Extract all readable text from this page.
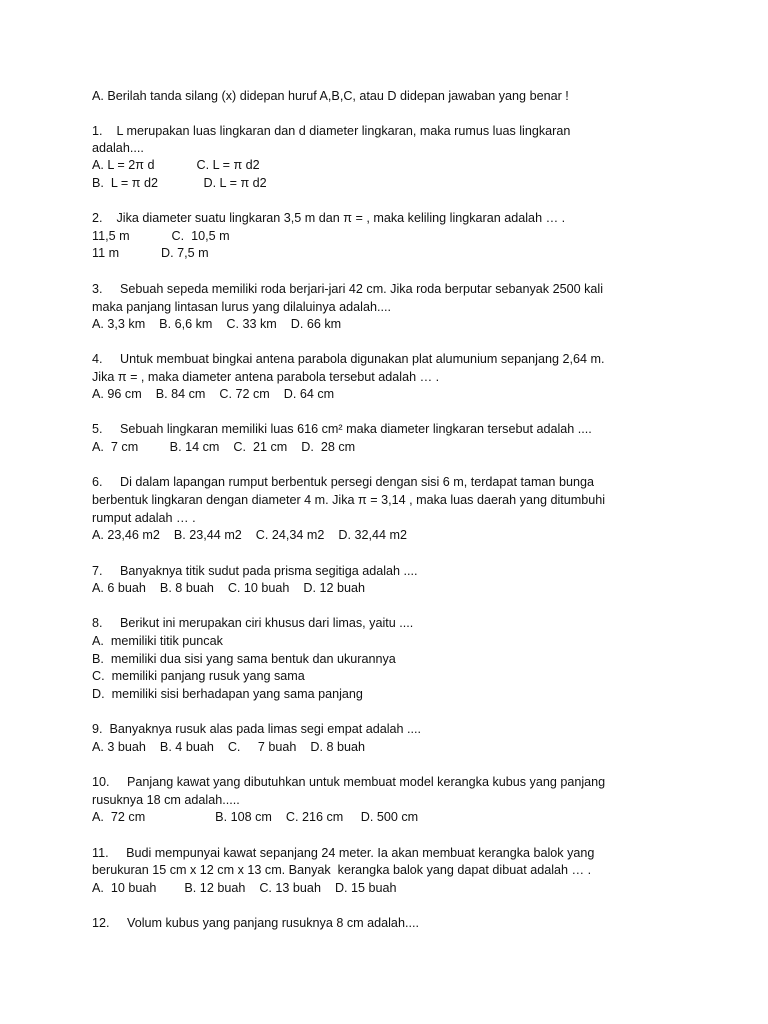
A. Berilah tanda silang (x) didepan huruf A,B,C, atau D didepan jawaban yang benar !

1.    L merupakan luas lingkaran dan d diameter lingkaran, maka rumus luas lingkaran

adalah....

A. L = 2π d            C. L = π d2

B.  L = π d2             D. L = π d2

2.    Jika diameter suatu lingkaran 3,5 m dan π = , maka keliling lingkaran adalah … .

11,5 m            C.  10,5 m

11 m            D. 7,5 m

3.     Sebuah sepeda memiliki roda berjari-jari 42 cm. Jika roda berputar sebanyak 2500 kali

maka panjang lintasan lurus yang dilaluinya adalah....

A. 3,3 km    B. 6,6 km    C. 33 km    D. 66 km

4.     Untuk membuat bingkai antena parabola digunakan plat alumunium sepanjang 2,64 m.

Jika π = , maka diameter antena parabola tersebut adalah … .

A. 96 cm    B. 84 cm    C. 72 cm    D. 64 cm

5.     Sebuah lingkaran memiliki luas 616 cm² maka diameter lingkaran tersebut adalah ....

A.  7 cm         B. 14 cm    C.  21 cm    D.  28 cm

6.     Di dalam lapangan rumput berbentuk persegi dengan sisi 6 m, terdapat taman bunga

berbentuk lingkaran dengan diameter 4 m. Jika π = 3,14 , maka luas daerah yang ditumbuhi

rumput adalah … .

A. 23,46 m2    B. 23,44 m2    C. 24,34 m2    D. 32,44 m2

7.     Banyaknya titik sudut pada prisma segitiga adalah ....

A. 6 buah    B. 8 buah    C. 10 buah    D. 12 buah

8.     Berikut ini merupakan ciri khusus dari limas, yaitu ....

A.  memiliki titik puncak

B.  memiliki dua sisi yang sama bentuk dan ukurannya

C.  memiliki panjang rusuk yang sama

D.  memiliki sisi berhadapan yang sama panjang

9.  Banyaknya rusuk alas pada limas segi empat adalah ....

A. 3 buah    B. 4 buah    C.     7 buah    D. 8 buah

10.     Panjang kawat yang dibutuhkan untuk membuat model kerangka kubus yang panjang

rusuknya 18 cm adalah.....

A.  72 cm                    B. 108 cm    C. 216 cm     D. 500 cm

11.     Budi mempunyai kawat sepanjang 24 meter. Ia akan membuat kerangka balok yang

berukuran 15 cm x 12 cm x 13 cm. Banyak  kerangka balok yang dapat dibuat adalah … .

A.  10 buah        B. 12 buah    C. 13 buah    D. 15 buah

12.     Volum kubus yang panjang rusuknya 8 cm adalah....
